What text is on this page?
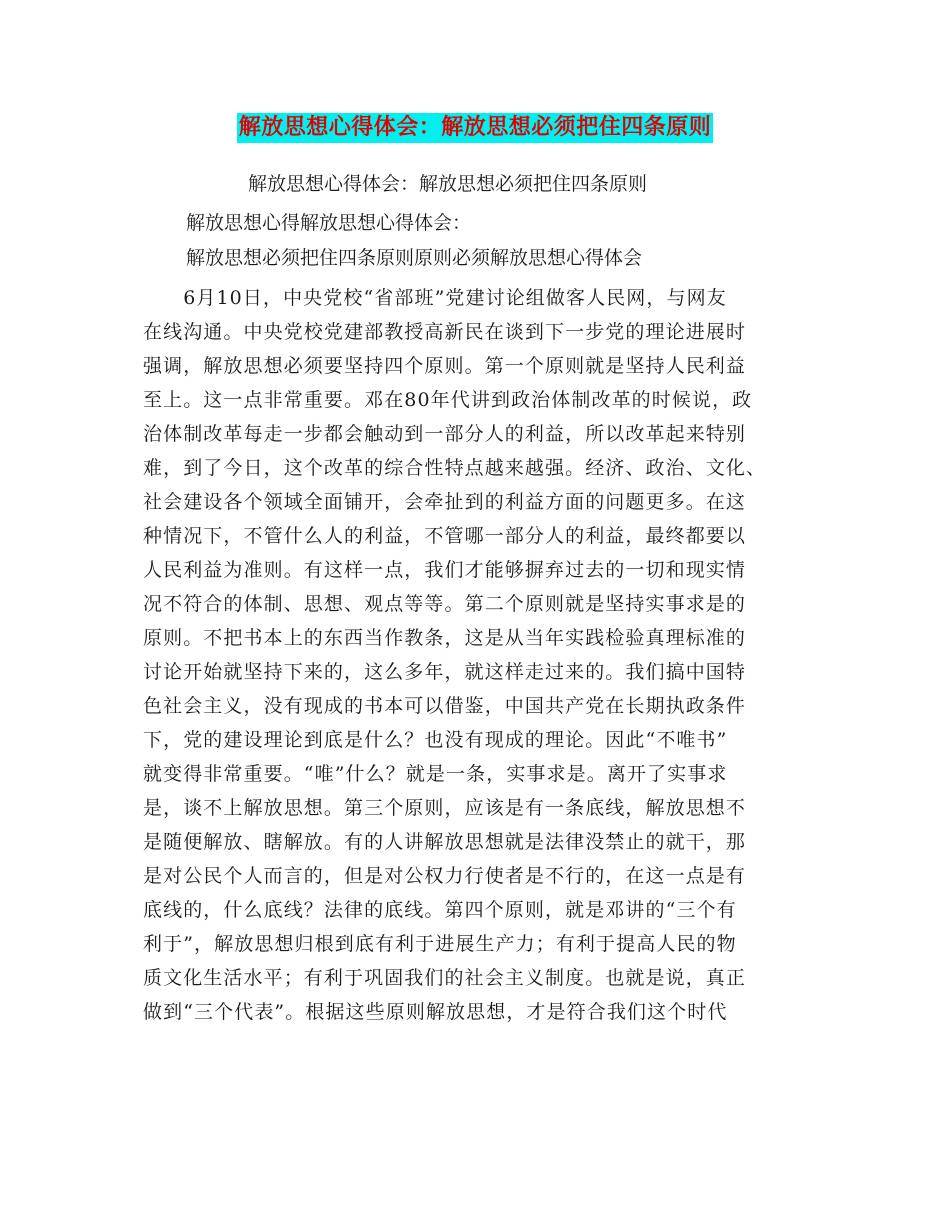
解放思想心得体会：解放思想必须把住四条原则
解放思想心得体会：解放思想必须把住四条原则
解放思想心得解放思想心得体会：
解放思想必须把住四条原则原则必须解放思想心得体会
　　6月10日，中央党校“省部班”党建讨论组做客人民网，与网友
在线沟通。中央党校党建部教授高新民在谈到下一步党的理论进展时
强调，解放思想必须要坚持四个原则。第一个原则就是坚持人民利益
至上。这一点非常重要。邓在80年代讲到政治体制改革的时候说，政
治体制改革每走一步都会触动到一部分人的利益，所以改革起来特别
难，到了今日，这个改革的综合性特点越来越强。经济、政治、文化、
社会建设各个领域全面铺开，会牵扯到的利益方面的问题更多。在这
种情况下，不管什么人的利益，不管哪一部分人的利益，最终都要以
人民利益为准则。有这样一点，我们才能够摒弃过去的一切和现实情
况不符合的体制、思想、观点等等。第二个原则就是坚持实事求是的
原则。不把书本上的东西当作教条，这是从当年实践检验真理标准的
讨论开始就坚持下来的，这么多年，就这样走过来的。我们搞中国特
色社会主义，没有现成的书本可以借鉴，中国共产党在长期执政条件
下，党的建设理论到底是什么？也没有现成的理论。因此“不唯书”
就变得非常重要。“唯”什么？就是一条，实事求是。离开了实事求
是，谈不上解放思想。第三个原则，应该是有一条底线，解放思想不
是随便解放、瞎解放。有的人讲解放思想就是法律没禁止的就干，那
是对公民个人而言的，但是对公权力行使者是不行的，在这一点是有
底线的，什么底线？法律的底线。第四个原则，就是邓讲的“三个有
利于”，解放思想归根到底有利于进展生产力；有利于提高人民的物
质文化生活水平；有利于巩固我们的社会主义制度。也就是说，真正
做到“三个代表”。根据这些原则解放思想，才是符合我们这个时代
